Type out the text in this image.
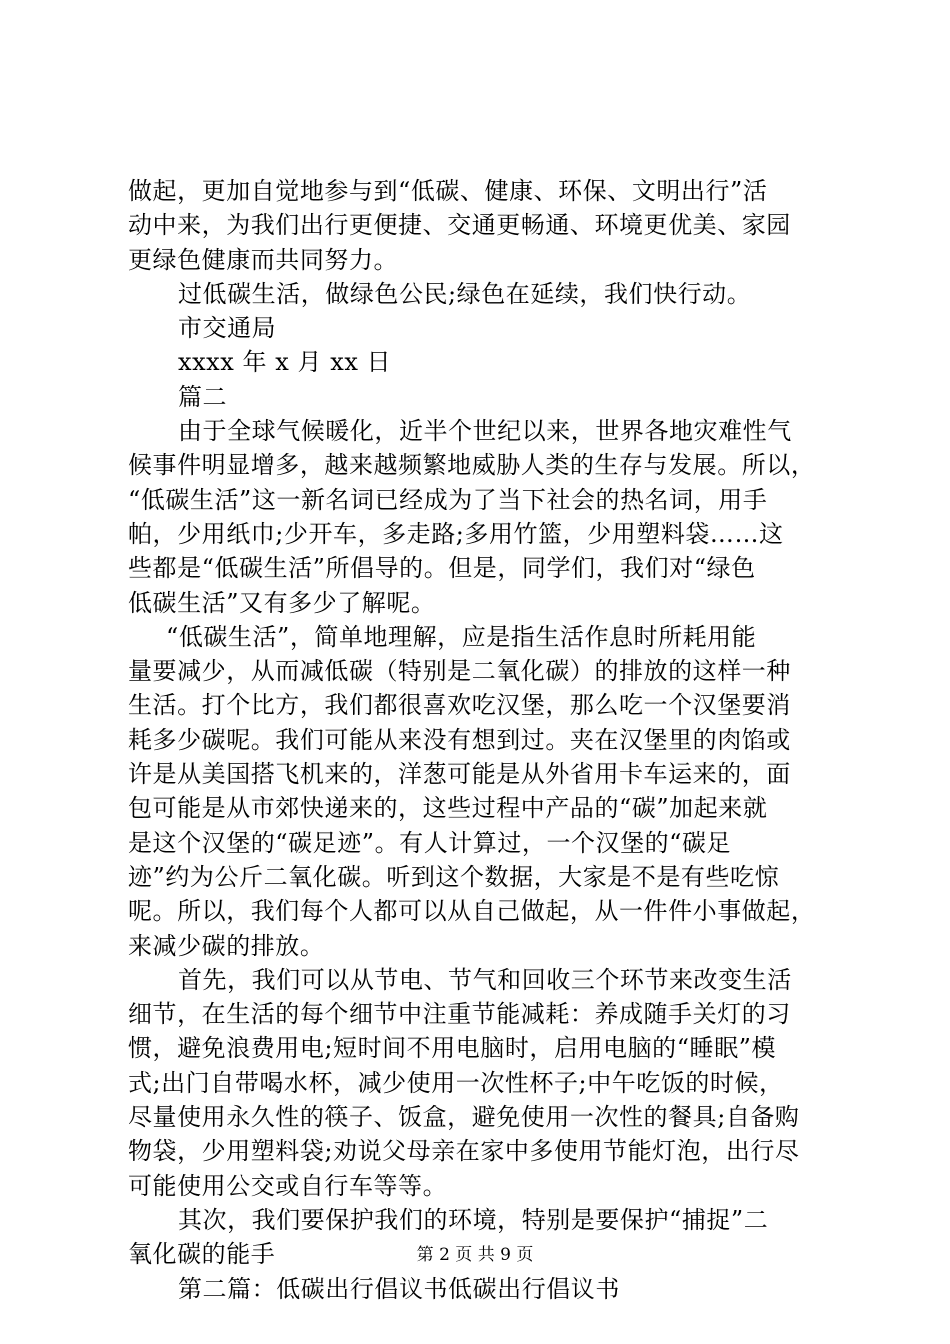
做起，更加自觉地参与到“低碳、健康、环保、文明出行”活
动中来，为我们出行更便捷、交通更畅通、环境更优美、家园
更绿色健康而共同努力。
过低碳生活，做绿色公民;绿色在延续，我们快行动。
市交通局
xxxx 年 x 月 xx 日
篇二
由于全球气候暖化，近半个世纪以来，世界各地灾难性气
候事件明显增多，越来越频繁地威胁人类的生存与发展。所以，
“低碳生活”这一新名词已经成为了当下社会的热名词，用手
帕，少用纸巾;少开车，多走路;多用竹篮，少用塑料袋……这
些都是“低碳生活”所倡导的。但是，同学们，我们对“绿色
低碳生活”又有多少了解呢。
“低碳生活”，简单地理解，应是指生活作息时所耗用能
量要减少，从而减低碳（特别是二氧化碳）的排放的这样一种
生活。打个比方，我们都很喜欢吃汉堡，那么吃一个汉堡要消
耗多少碳呢。我们可能从来没有想到过。夹在汉堡里的肉馅或
许是从美国搭飞机来的，洋葱可能是从外省用卡车运来的，面
包可能是从市郊快递来的，这些过程中产品的“碳”加起来就
是这个汉堡的“碳足迹”。有人计算过，一个汉堡的“碳足
迹”约为公斤二氧化碳。听到这个数据，大家是不是有些吃惊
呢。所以，我们每个人都可以从自己做起，从一件件小事做起，
来减少碳的排放。
首先，我们可以从节电、节气和回收三个环节来改变生活
细节，在生活的每个细节中注重节能减耗：养成随手关灯的习
惯，避免浪费用电;短时间不用电脑时，启用电脑的“睡眠”模
式;出门自带喝水杯，减少使用一次性杯子;中午吃饭的时候，
尽量使用永久性的筷子、饭盒，避免使用一次性的餐具;自备购
物袋，少用塑料袋;劝说父母亲在家中多使用节能灯泡，出行尽
可能使用公交或自行车等等。
其次，我们要保护我们的环境，特别是要保护“捕捉”二
氧化碳的能手
第二篇：低碳出行倡议书低碳出行倡议书
第 2 页 共 9 页
